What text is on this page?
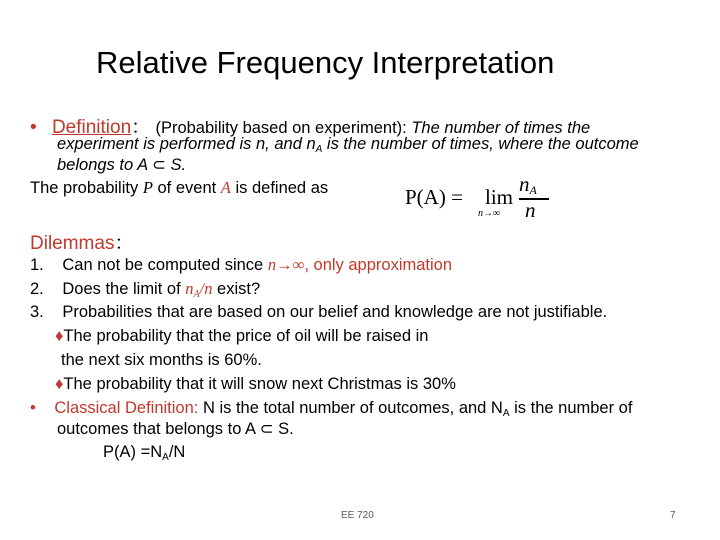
Relative Frequency Interpretation
• Definition： (Probability based on experiment): The number of times the
experiment is performed is n, and $n_A$ is the number of times, where the outcome
belongs to A ⊂ S.
The probability P of event A is defined as	P(A) = lim
n→∞
$n_A$
n
Dilemmas：
1. Can not be computed since n→∞, only approximation
2. Does the limit of $n_A/n$ exist?
3. Probabilities that are based on our belief and knowledge are not justifiable.
♦The probability that the price of oil will be raised in
the next six months is 60%.
♦The probability that it will snow next Christmas is 30%
• Classical Definition: N is the total number of outcomes, and $N_A$ is the number of
outcomes that belongs to A ⊂ S.
$P(A) =N_A/N$
EE 720	7
